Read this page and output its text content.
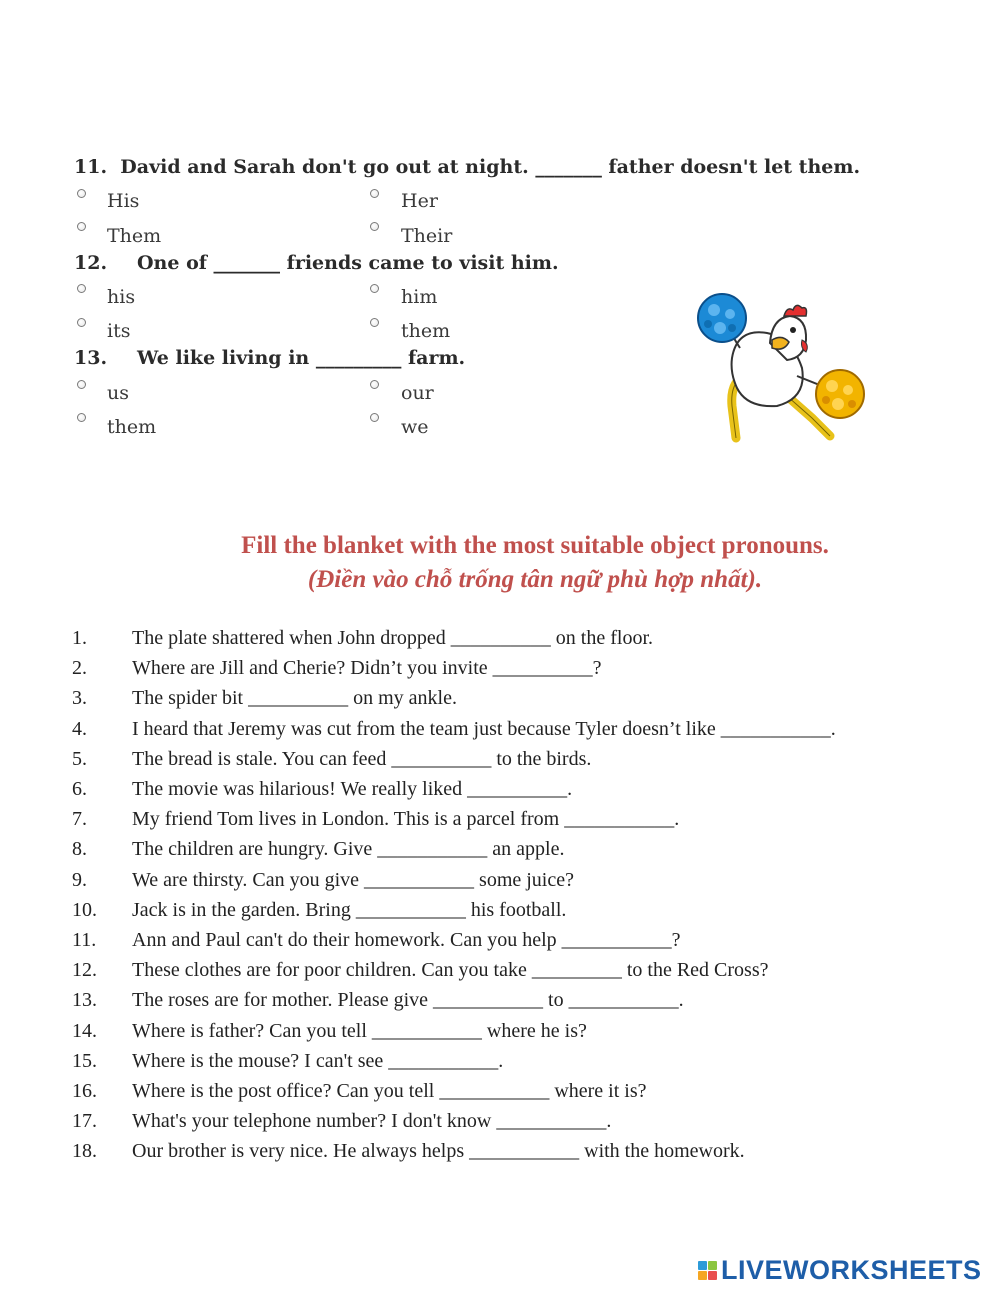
11. David and Sarah don't go out at night. _______ father doesn't let them.
His	Her
Them	Their
12. One of _______ friends came to visit him.
his	him
its	them
13. We like living in _________ farm.
us	our
them	we
Fill the blanket with the most suitable object pronouns.
(Điền vào chỗ trống tân ngữ phù hợp nhất).
1. The plate shattered when John dropped __________ on the floor.
2. Where are Jill and Cherie? Didn’t you invite __________?
3. The spider bit __________ on my ankle.
4. I heard that Jeremy was cut from the team just because Tyler doesn’t like ___________.
5. The bread is stale. You can feed __________ to the birds.
6. The movie was hilarious! We really liked __________.
7. My friend Tom lives in London. This is a parcel from ___________.
8. The children are hungry. Give ___________ an apple.
9. We are thirsty. Can you give ___________ some juice?
10. Jack is in the garden. Bring ___________ his football.
11. Ann and Paul can't do their homework. Can you help ___________?
12. These clothes are for poor children. Can you take _________ to the Red Cross?
13. The roses are for mother. Please give ___________ to ___________.
14. Where is father? Can you tell ___________ where he is?
15. Where is the mouse? I can't see ___________.
16. Where is the post office? Can you tell ___________ where it is?
17. What's your telephone number? I don't know ___________.
18. Our brother is very nice. He always helps ___________ with the homework.
LIVEWORKSHEETS
